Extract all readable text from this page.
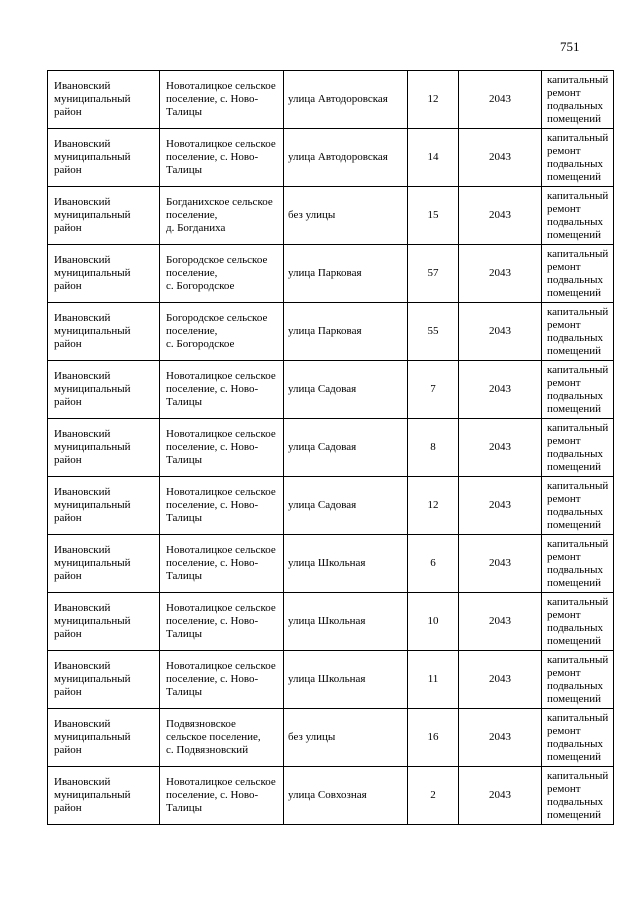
751
Ивановский
муниципальный
район	Новоталицкое сельское
поселение, с. Ново-
Талицы	улица Автодоровская	12	2043	капитальный
ремонт
подвальных
помещений

Ивановский
муниципальный
район	Новоталицкое сельское
поселение, с. Ново-
Талицы	улица Автодоровская	14	2043	капитальный
ремонт
подвальных
помещений

Ивановский
муниципальный
район	Богданихское сельское
поселение,
д. Богданиха	без улицы	15	2043	капитальный
ремонт
подвальных
помещений

Ивановский
муниципальный
район	Богородское сельское
поселение,
с. Богородское	улица Парковая	57	2043	капитальный
ремонт
подвальных
помещений

Ивановский
муниципальный
район	Богородское сельское
поселение,
с. Богородское	улица Парковая	55	2043	капитальный
ремонт
подвальных
помещений

Ивановский
муниципальный
район	Новоталицкое сельское
поселение, с. Ново-
Талицы	улица Садовая	7	2043	капитальный
ремонт
подвальных
помещений

Ивановский
муниципальный
район	Новоталицкое сельское
поселение, с. Ново-
Талицы	улица Садовая	8	2043	капитальный
ремонт
подвальных
помещений

Ивановский
муниципальный
район	Новоталицкое сельское
поселение, с. Ново-
Талицы	улица Садовая	12	2043	капитальный
ремонт
подвальных
помещений

Ивановский
муниципальный
район	Новоталицкое сельское
поселение, с. Ново-
Талицы	улица Школьная	6	2043	капитальный
ремонт
подвальных
помещений

Ивановский
муниципальный
район	Новоталицкое сельское
поселение, с. Ново-
Талицы	улица Школьная	10	2043	капитальный
ремонт
подвальных
помещений

Ивановский
муниципальный
район	Новоталицкое сельское
поселение, с. Ново-
Талицы	улица Школьная	11	2043	капитальный
ремонт
подвальных
помещений

Ивановский
муниципальный
район	Подвязновское
сельское поселение,
с. Подвязновский	без улицы	16	2043	капитальный
ремонт
подвальных
помещений

Ивановский
муниципальный
район	Новоталицкое сельское
поселение, с. Ново-
Талицы	улица Совхозная	2	2043	капитальный
ремонт
подвальных
помещений
